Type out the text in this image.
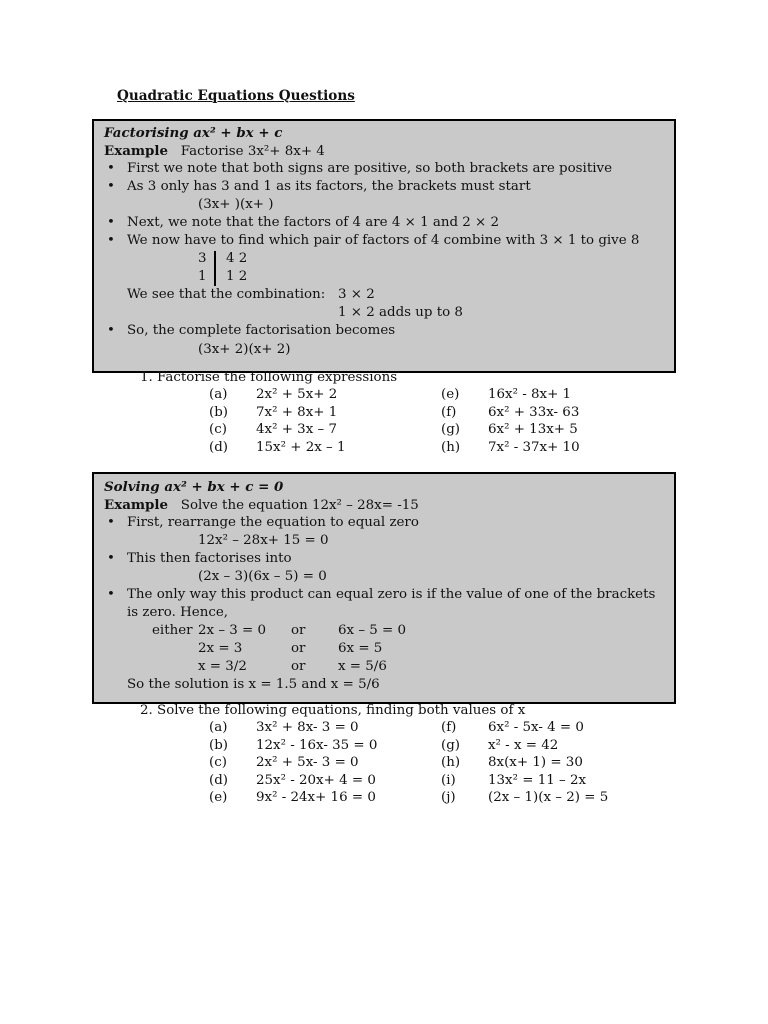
Quadratic Equations Questions
Factorising ax² + bx + c
Example Factorise 3x²+ 8x+ 4
• First we note that both signs are positive, so both brackets are positive
• As 3 only has 3 and 1 as its factors, the brackets must start
(3x+ )(x+ )
• Next, we note that the factors of 4 are 4 × 1 and 2 × 2
• We now have to find which pair of factors of 4 combine with 3 × 1 to give 8
3
1
4 2
1 2
We see that the combination: 3 × 2
1 × 2 adds up to 8
• So, the complete factorisation becomes
(3x+ 2)(x+ 2)
1. Factorise the following expressions
(a) 2x² + 5x+ 2
(b) 7x² + 8x+ 1
(c) 4x² + 3x – 7
(d) 15x² + 2x – 1
(e) 16x² - 8x+ 1
(f) 6x² + 33x- 63
(g) 6x² + 13x+ 5
(h) 7x² - 37x+ 10
Solving ax² + bx + c = 0
Example Solve the equation 12x² – 28x= -15
• First, rearrange the equation to equal zero
12x² – 28x+ 15 = 0
• This then factorises into
(2x – 3)(6x – 5) = 0
• The only way this product can equal zero is if the value of one of the brackets
is zero. Hence,
either 2x – 3 = 0 or 6x – 5 = 0
2x = 3	or 6x = 5
x = 3/2	or x = 5/6
So the solution is x = 1.5 and x = 5/6
2. Solve the following equations, finding both values of x
(a) 3x² + 8x- 3 = 0
(b) 12x² - 16x- 35 = 0
(c) 2x² + 5x- 3 = 0
(d) 25x² - 20x+ 4 = 0
(e) 9x² - 24x+ 16 = 0
(f) 6x² - 5x- 4 = 0
(g) x² - x = 42
(h) 8x(x+ 1) = 30
(i) 13x² = 11 – 2x
(j) (2x – 1)(x – 2) = 5
